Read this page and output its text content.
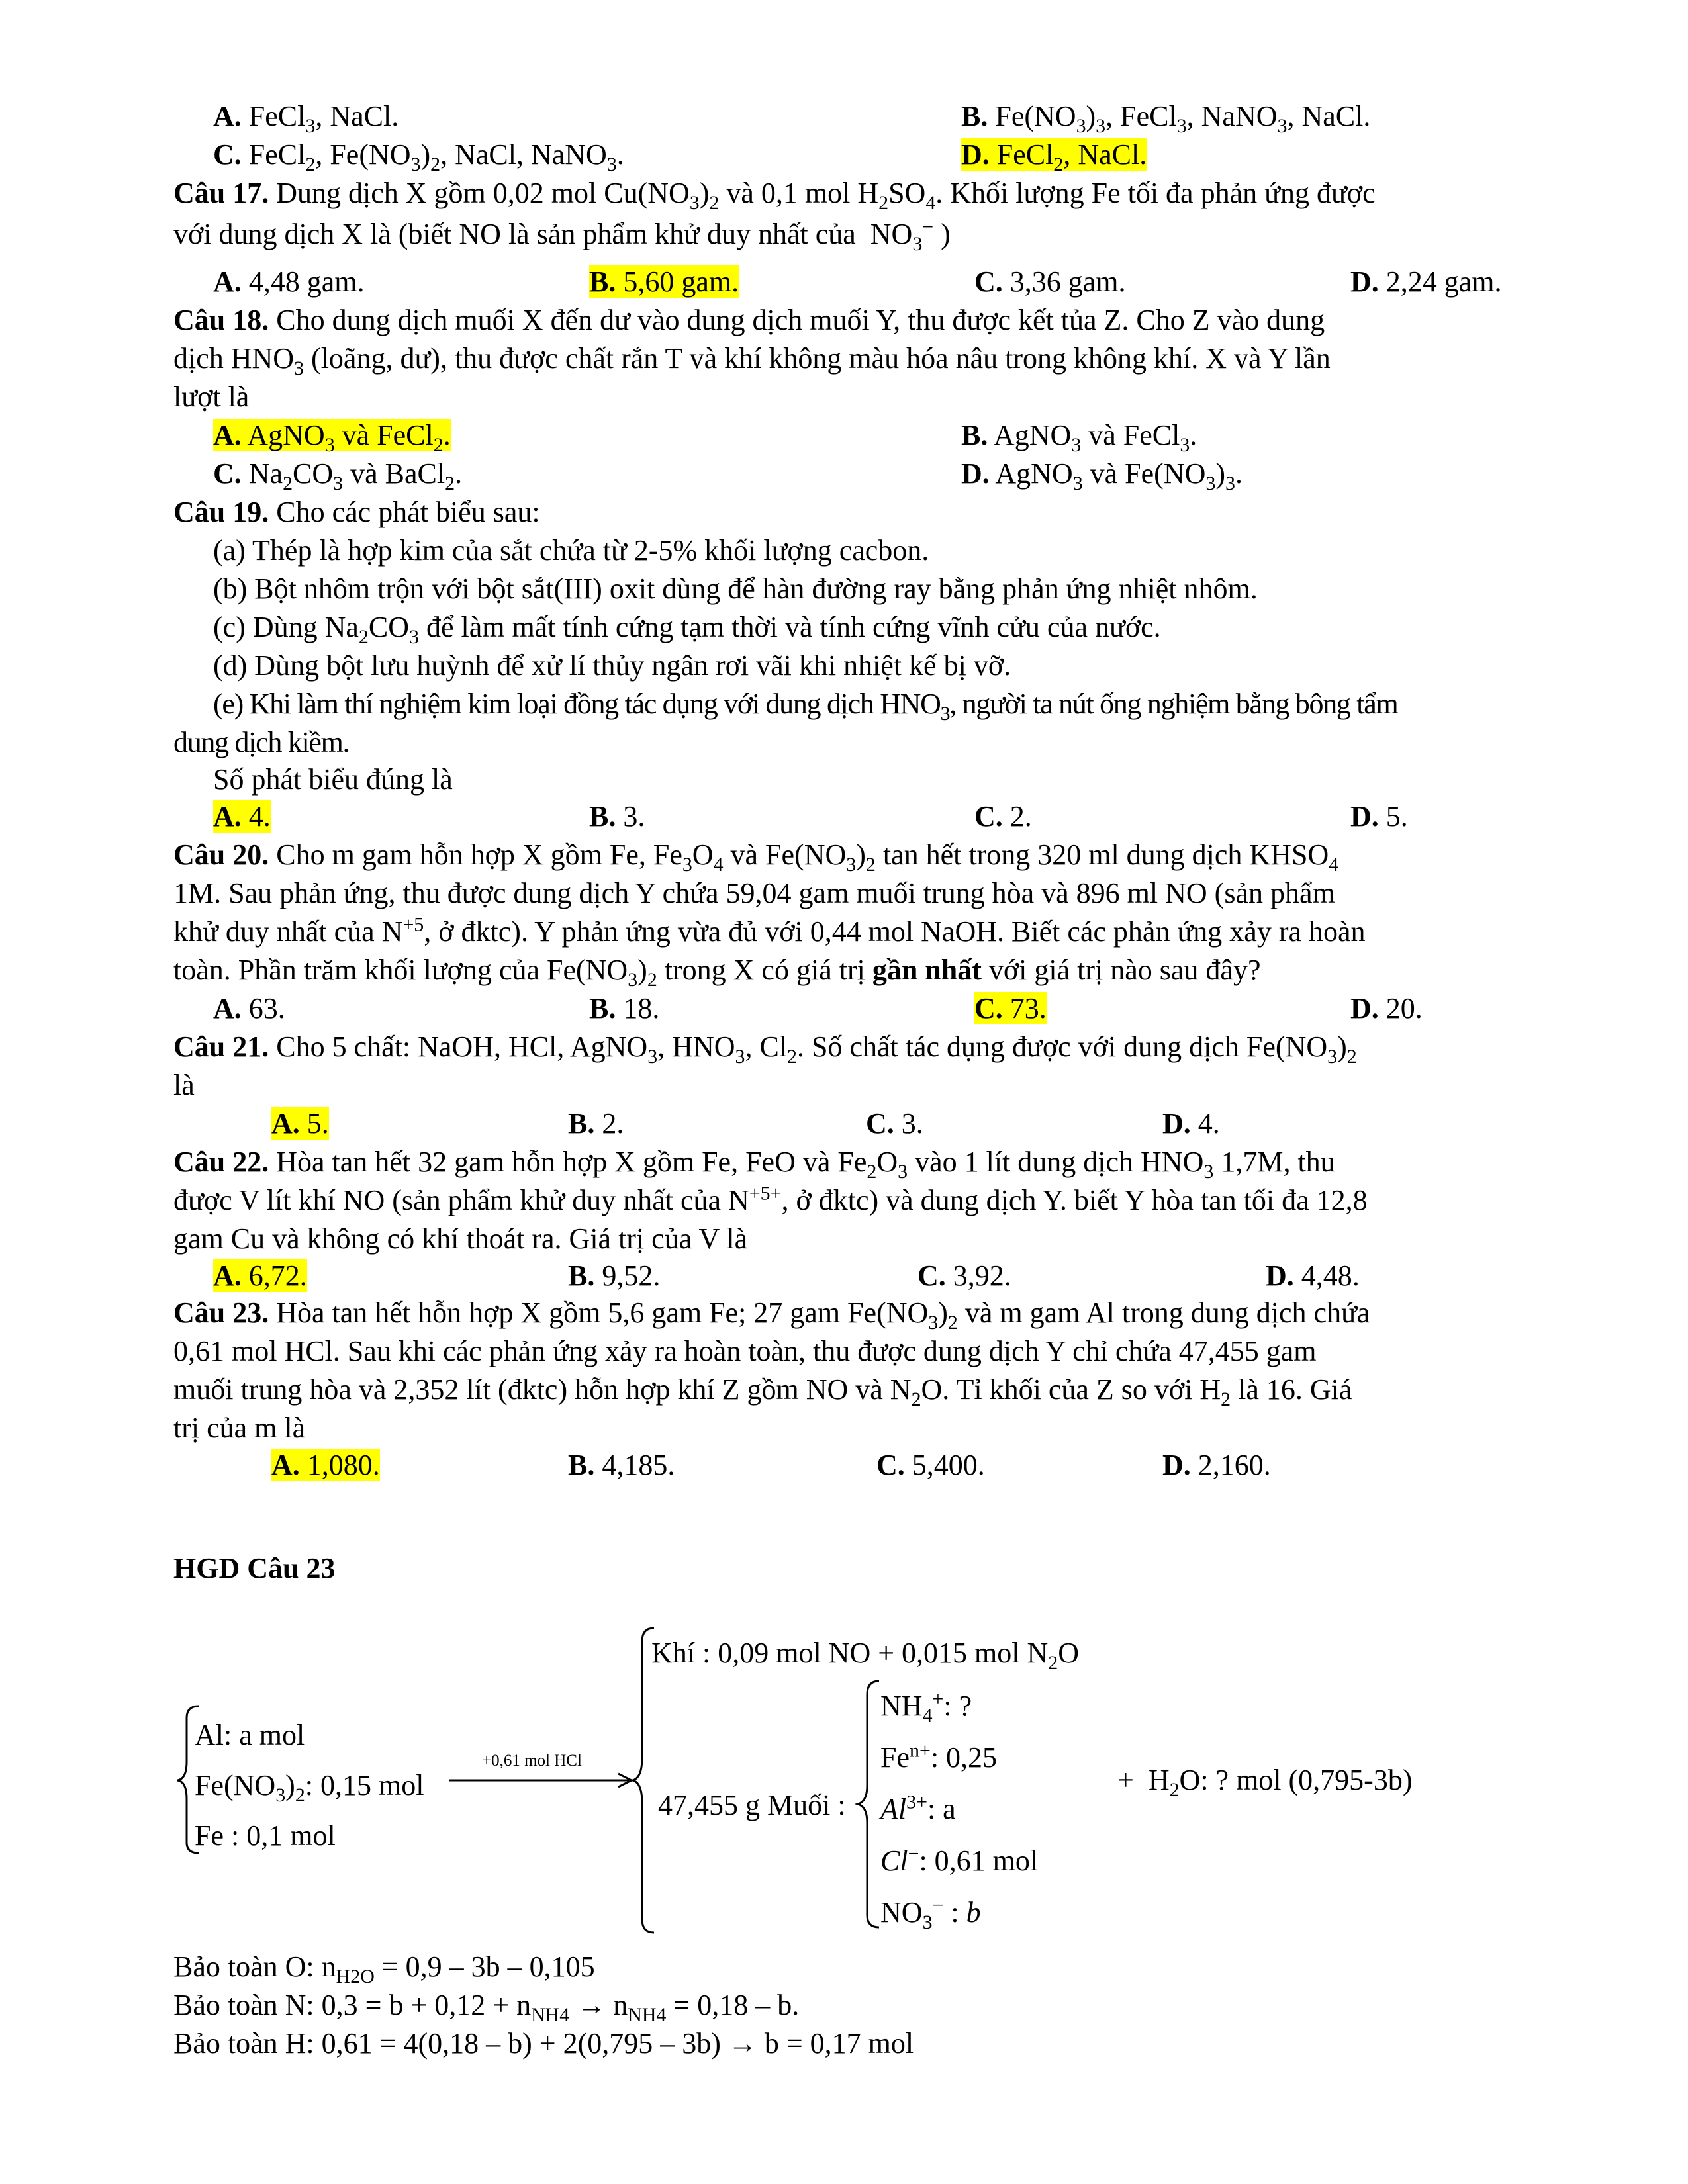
A. FeCl$_3$, NaCl.	B. $Fe(NO_3)_3$, FeCl$_3$, NaNO$_3$, NaCl.
C. FeCl$_2$, $Fe(NO_3)_2$, NaCl, NaNO$_3$.	D. FeCl$_2$, NaCl.
Câu 17. Dung dịch X gồm 0,02 mol $Cu(NO_3)_2$ và 0,1 mol $H_2SO_4$. Khối lượng Fe tối đa phản ứng được
với dung dịch X là (biết NO là sản phẩm khử duy nhất của  $NO_3^-$ )
A. 4,48 gam.	B. 5,60 gam.	C. 3,36 gam.	D. 2,24 gam.
Câu 18. Cho dung dịch muối X đến dư vào dung dịch muối Y, thu được kết tủa Z. Cho Z vào dung
dịch $HNO_3$ (loãng, dư), thu được chất rắn T và khí không màu hóa nâu trong không khí. X và Y lần
lượt là
A. AgNO$_3$ và FeCl$_2$.	B. AgNO$_3$ và FeCl$_3$.
C. $Na_2CO_3$ và BaCl$_2$.	D. AgNO$_3$ và $Fe(NO_3)_3$.
Câu 19. Cho các phát biểu sau:
(a) Thép là hợp kim của sắt chứa từ 2-5% khối lượng cacbon.
(b) Bột nhôm trộn với bột sắt(III) oxit dùng để hàn đường ray bằng phản ứng nhiệt nhôm.
(c) Dùng $Na_2CO_3$ để làm mất tính cứng tạm thời và tính cứng vĩnh cửu của nước.
(d) Dùng bột lưu huỳnh để xử lí thủy ngân rơi vãi khi nhiệt kế bị vỡ.
(e) Khi làm thí nghiệm kim loại đồng tác dụng với dung dịch $HNO_3$, người ta nút ống nghiệm bằng bông tẩm
dung dịch kiềm.
Số phát biểu đúng là
A. 4.	B. 3.	C. 2.	D. 5.
Câu 20. Cho m gam hỗn hợp X gồm Fe, $Fe_3O_4$ và $Fe(NO_3)_2$ tan hết trong 320 ml dung dịch $KHSO_4$
1M. Sau phản ứng, thu được dung dịch Y chứa 59,04 gam muối trung hòa và 896 ml NO (sản phẩm
khử duy nhất của $N^{+5}$, ở đktc). Y phản ứng vừa đủ với 0,44 mol NaOH. Biết các phản ứng xảy ra hoàn
toàn. Phần trăm khối lượng của $Fe(NO_3)_2$ trong X có giá trị gần nhất với giá trị nào sau đây?
A. 63.	B. 18.	C. 73.	D. 20.
Câu 21. Cho 5 chất: NaOH, HCl, AgNO$_3$, $HNO_3$, $Cl_2$. Số chất tác dụng được với dung dịch $Fe(NO_3)_2$
là
A. 5.	B. 2.	C. 3.	D. 4.
Câu 22. Hòa tan hết 32 gam hỗn hợp X gồm Fe, FeO và $Fe_2O_3$ vào 1 lít dung dịch $HNO_3$ 1,7M, thu
được V lít khí NO (sản phẩm khử duy nhất của $N^{+5+}$, ở đktc) và dung dịch Y. biết Y hòa tan tối đa 12,8
gam Cu và không có khí thoát ra. Giá trị của V là
A. 6,72.	B. 9,52.	C. 3,92.	D. 4,48.
Câu 23. Hòa tan hết hỗn hợp X gồm 5,6 gam Fe; 27 gam $Fe(NO_3)_2$ và m gam Al trong dung dịch chứa
0,61 mol HCl. Sau khi các phản ứng xảy ra hoàn toàn, thu được dung dịch Y chỉ chứa 47,455 gam
muối trung hòa và 2,352 lít (đktc) hỗn hợp khí Z gồm NO và $N_2O$. Tỉ khối của Z so với $H_2$ là 16. Giá
trị của m là
A. 1,080.	B. 4,185.	C. 5,400.	D. 2,160.
HGD Câu 23
Al: a mol
$Fe(NO_3)_2$: 0,15 mol
Fe : 0,1 mol
+0,61 mol HCl
Khí : 0,09 mol NO + 0,015 mol $N_2O$
47,455 g Muối :
$NH_4^+$: ?
$Fe^{n+}$: 0,25
$Al^{3+}$: a
Cl−: 0,61 mol
$NO_3^-$ : b
+  $H_2O$: ? mol (0,795-3b)
Bảo toàn O: $n_{H2O} = 0,9 - 3b - 0,105$
Bảo toàn N: $0,3 = b + 0,12 + n_{NH4} \to n_{NH4} = 0,18 - b$.
Bảo toàn H: 0,61 = 4(0,18 – b) + 2(0,795 – 3b) → b = 0,17 mol
